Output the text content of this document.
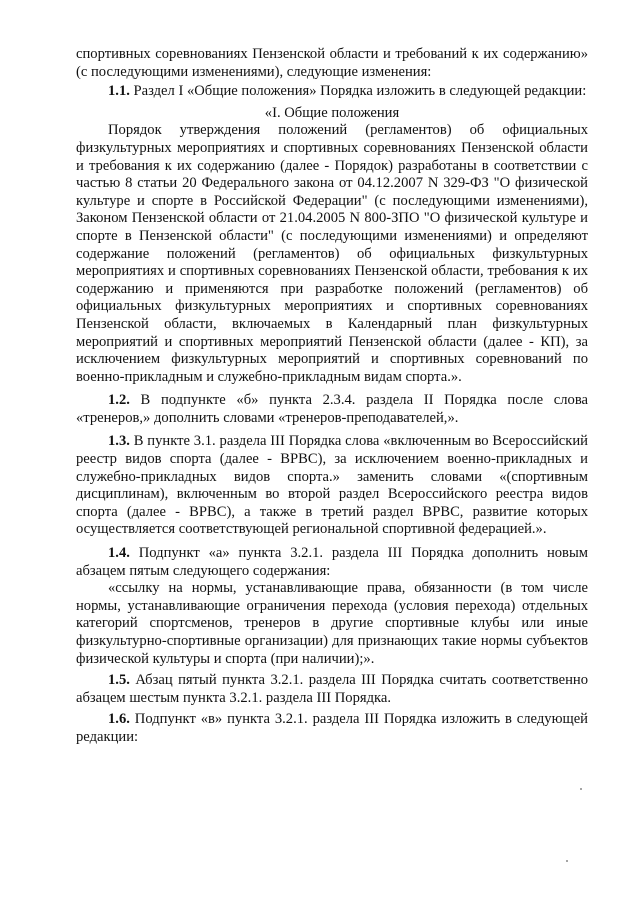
спортивных соревнованиях Пензенской области и требований к их содержанию» (с последующими изменениями), следующие изменения:

1.1. Раздел I «Общие положения» Порядка изложить в следующей редакции:

«I. Общие положения

Порядок утверждения положений (регламентов) об официальных физкультурных мероприятиях и спортивных соревнованиях Пензенской области и требования к их содержанию (далее - Порядок) разработаны в соответствии с частью 8 статьи 20 Федерального закона от 04.12.2007 N 329-ФЗ "О физической культуре и спорте в Российской Федерации" (с последующими изменениями), Законом Пензенской области от 21.04.2005 N 800-ЗПО "О физической культуре и спорте в Пензенской области" (с последующими изменениями) и определяют содержание положений (регламентов) об официальных физкультурных мероприятиях и спортивных соревнованиях Пензенской области, требования к их содержанию и применяются при разработке положений (регламентов) об официальных физкультурных мероприятиях и спортивных соревнованиях Пензенской области, включаемых в Календарный план физкультурных мероприятий и спортивных мероприятий Пензенской области (далее - КП), за исключением физкультурных мероприятий и спортивных соревнований по военно-прикладным и служебно-прикладным видам спорта.».

1.2. В подпункте «б» пункта 2.3.4. раздела II Порядка после слова «тренеров,» дополнить словами «тренеров-преподавателей,».

1.3. В пункте 3.1. раздела III Порядка слова «включенным во Всероссийский реестр видов спорта (далее - ВРВС), за исключением военно-прикладных и служебно-прикладных видов спорта.» заменить словами «(спортивным дисциплинам), включенным во второй раздел Всероссийского реестра видов спорта (далее - ВРВС), а также в третий раздел ВРВС, развитие которых осуществляется соответствующей региональной спортивной федерацией.».

1.4. Подпункт «а» пункта 3.2.1. раздела III Порядка дополнить новым абзацем пятым следующего содержания:

«ссылку на нормы, устанавливающие права, обязанности (в том числе нормы, устанавливающие ограничения перехода (условия перехода) отдельных категорий спортсменов, тренеров в другие спортивные клубы или иные физкультурно-спортивные организации) для признающих такие нормы субъектов физической культуры и спорта (при наличии);».

1.5. Абзац пятый пункта 3.2.1. раздела III Порядка считать соответственно абзацем шестым пункта 3.2.1. раздела III Порядка.

1.6. Подпункт «в» пункта 3.2.1. раздела III Порядка изложить в следующей редакции:
